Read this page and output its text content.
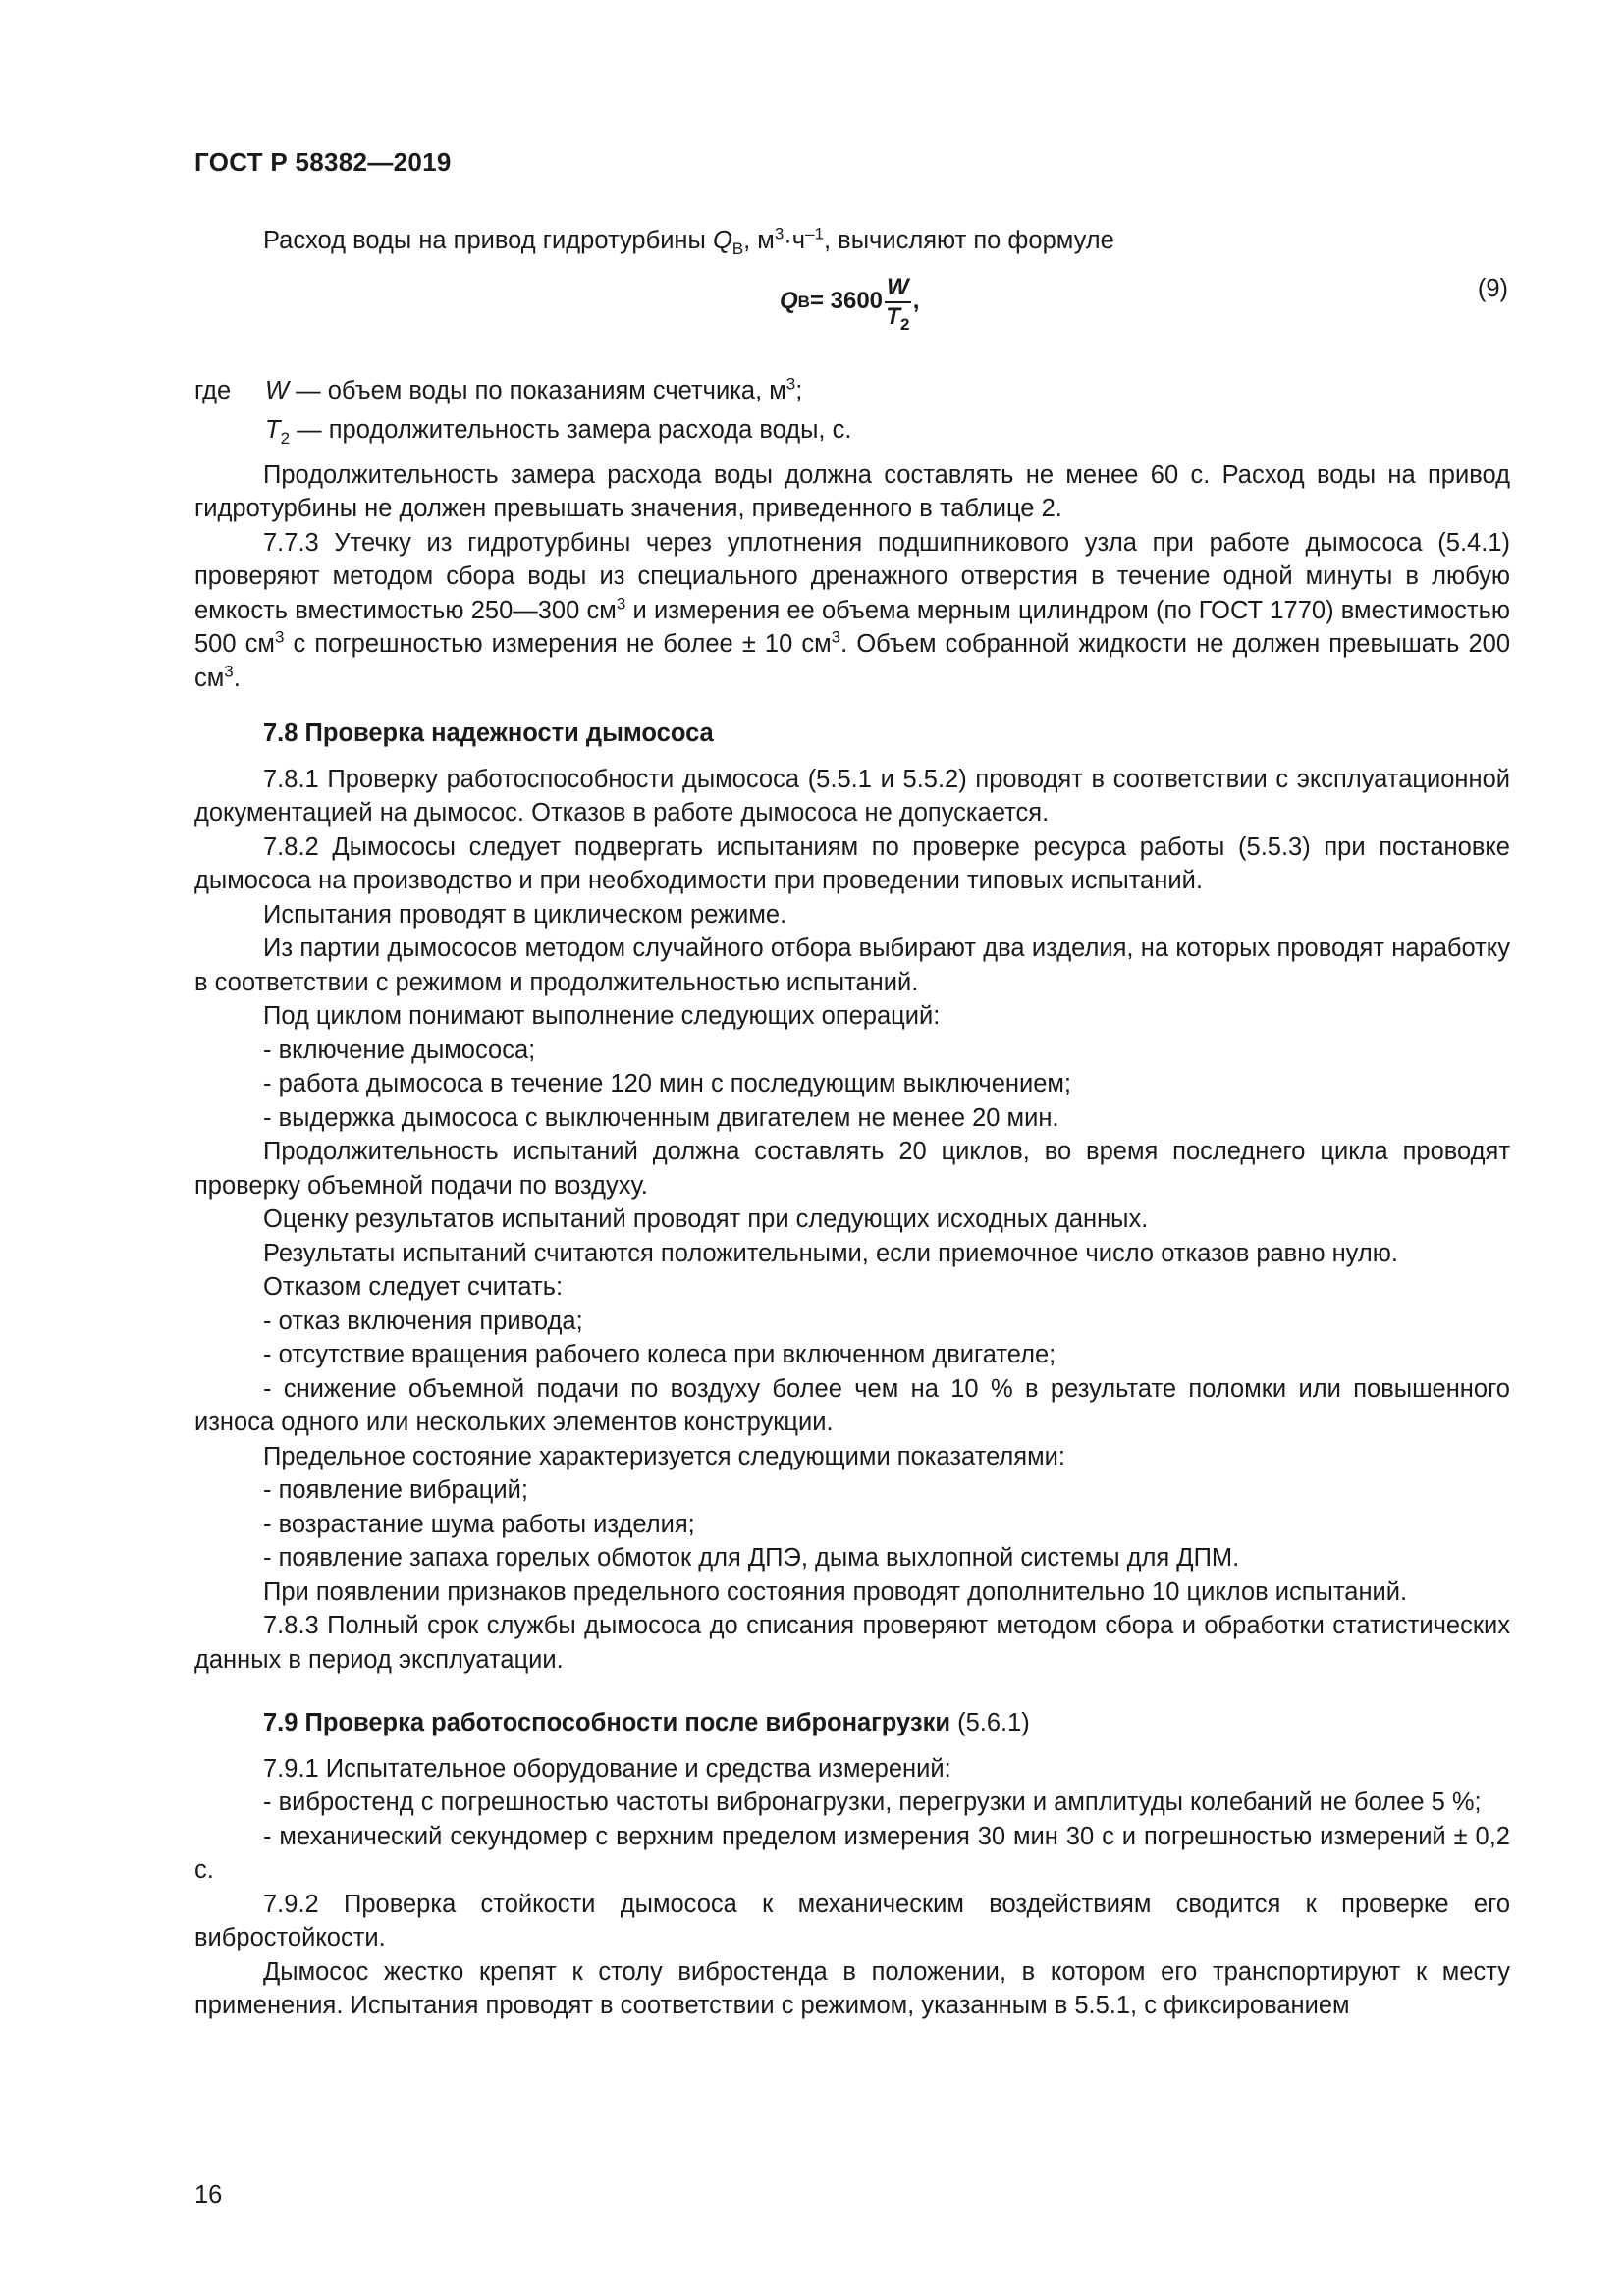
ГОСТ Р 58382—2019

Расход воды на привод гидротурбины $Q_В$, $м^3\cdot ч^{-1}$, вычисляют по формуле

Q $B = 3600 \frac{W}{T_2}$ ,	(9)
где	W — объем воды по показаниям счетчика, $м^3$;
$T_2$ — продолжительность замера расхода воды, с.

Продолжительность замера расхода воды должна составлять не менее 60 с. Расход воды на привод гидротурбины не должен превышать значения, приведенного в таблице 2.

7.7.3 Утечку из гидротурбины через уплотнения подшипникового узла при работе дымососа (5.4.1) проверяют методом сбора воды из специального дренажного отверстия в течение одной минуты в любую емкость вместимостью 250—300 $см^3$ и измерения ее объема мерным цилиндром (по ГОСТ 1770) вместимостью 500 $см^3$ с погрешностью измерения не более ± 10 $см^3$. Объем собранной жидкости не должен превышать 200 $см^3$.

7.8 Проверка надежности дымососа

7.8.1 Проверку работоспособности дымососа (5.5.1 и 5.5.2) проводят в соответствии с эксплуатационной документацией на дымосос. Отказов в работе дымососа не допускается.

7.8.2 Дымососы следует подвергать испытаниям по проверке ресурса работы (5.5.3) при постановке дымососа на производство и при необходимости при проведении типовых испытаний.

Испытания проводят в циклическом режиме.

Из партии дымососов методом случайного отбора выбирают два изделия, на которых проводят наработку в соответствии с режимом и продолжительностью испытаний.

Под циклом понимают выполнение следующих операций:

- включение дымососа;

- работа дымососа в течение 120 мин с последующим выключением;

- выдержка дымососа с выключенным двигателем не менее 20 мин.

Продолжительность испытаний должна составлять 20 циклов, во время последнего цикла проводят проверку объемной подачи по воздуху.

Оценку результатов испытаний проводят при следующих исходных данных.

Результаты испытаний считаются положительными, если приемочное число отказов равно нулю.

Отказом следует считать:

- отказ включения привода;

- отсутствие вращения рабочего колеса при включенном двигателе;

- снижение объемной подачи по воздуху более чем на 10 % в результате поломки или повышенного износа одного или нескольких элементов конструкции.

Предельное состояние характеризуется следующими показателями:

- появление вибраций;

- возрастание шума работы изделия;

- появление запаха горелых обмоток для ДПЭ, дыма выхлопной системы для ДПМ.

При появлении признаков предельного состояния проводят дополнительно 10 циклов испытаний.

7.8.3 Полный срок службы дымососа до списания проверяют методом сбора и обработки статистических данных в период эксплуатации.

7.9 Проверка работоспособности после вибронагрузки (5.6.1)

7.9.1 Испытательное оборудование и средства измерений:

- вибростенд с погрешностью частоты вибронагрузки, перегрузки и амплитуды колебаний не более 5 %;

- механический секундомер с верхним пределом измерения 30 мин 30 с и погрешностью измерений ± 0,2 с.

7.9.2 Проверка стойкости дымососа к механическим воздействиям сводится к проверке его вибростойкости.

Дымосос жестко крепят к столу вибростенда в положении, в котором его транспортируют к месту применения. Испытания проводят в соответствии с режимом, указанным в 5.5.1, с фиксированием

16
